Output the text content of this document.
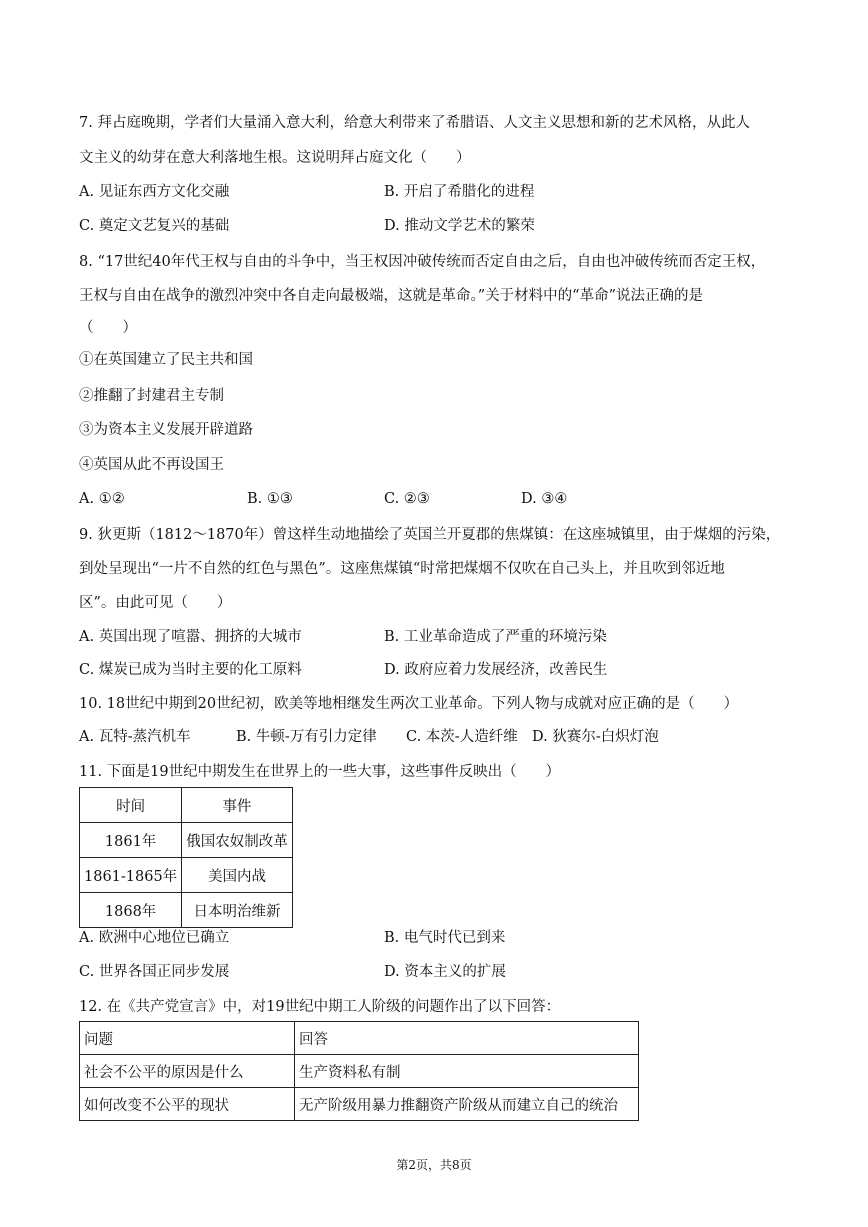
7. 拜占庭晚期，学者们大量涌入意大利，给意大利带来了希腊语、人文主义思想和新的艺术风格，从此人
文主义的幼芽在意大利落地生根。这说明拜占庭文化（　　）
A. 见证东西方文化交融	B. 开启了希腊化的进程
C. 奠定文艺复兴的基础	D. 推动文学艺术的繁荣
8. “17世纪40年代王权与自由的斗争中，当王权因冲破传统而否定自由之后，自由也冲破传统而否定王权，
王权与自由在战争的激烈冲突中各自走向最极端，这就是革命。”关于材料中的“革命”说法正确的是
（　　）
①在英国建立了民主共和国
②推翻了封建君主专制
③为资本主义发展开辟道路
④英国从此不再设国王
A. ①②	B. ①③	C. ②③	D. ③④
9. 狄更斯（1812～1870年）曾这样生动地描绘了英国兰开夏郡的焦煤镇：在这座城镇里，由于煤烟的污染，
到处呈现出“一片不自然的红色与黑色”。这座焦煤镇“时常把煤烟不仅吹在自己头上，并且吹到邻近地
区”。由此可见（　　）
A. 英国出现了喧嚣、拥挤的大城市	B. 工业革命造成了严重的环境污染
C. 煤炭已成为当时主要的化工原料	D. 政府应着力发展经济，改善民生
10. 18世纪中期到20世纪初，欧美等地相继发生两次工业革命。下列人物与成就对应正确的是（　　）
A. 瓦特-蒸汽机车	B. 牛顿-万有引力定律 C. 本茨-人造纤维 D. 狄赛尔-白炽灯泡
11. 下面是19世纪中期发生在世界上的一些大事，这些事件反映出（　　）
时间	事件
1861年	俄国农奴制改革
1861-1865年	美国内战
1868年	日本明治维新
A. 欧洲中心地位已确立	B. 电气时代已到来
C. 世界各国正同步发展	D. 资本主义的扩展
12. 在《共产党宣言》中，对19世纪中期工人阶级的问题作出了以下回答：
问题	回答
社会不公平的原因是什么	生产资料私有制
如何改变不公平的现状	无产阶级用暴力推翻资产阶级从而建立自己的统治
第2页，共8页
